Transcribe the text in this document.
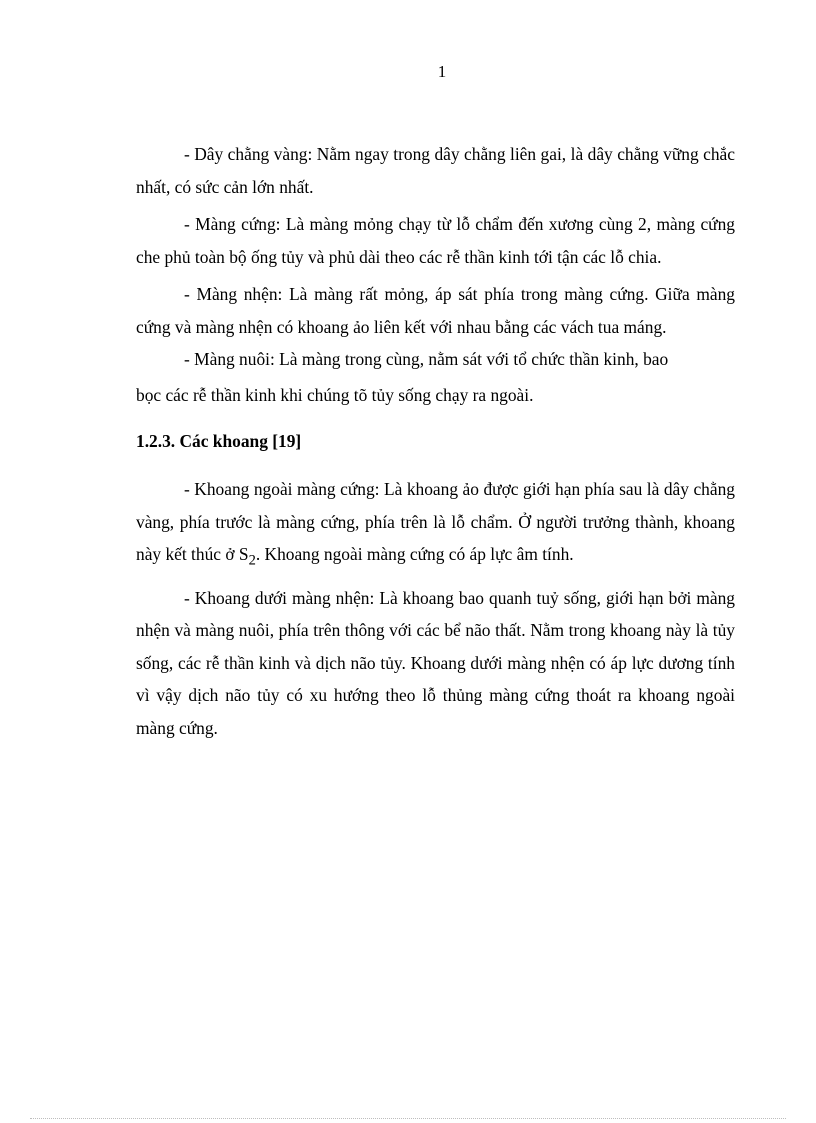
1

- Dây chằng vàng: Nằm ngay trong dây chằng liên gai, là dây chằng vững chắc nhất, có sức cản lớn nhất.

- Màng cứng: Là màng mỏng chạy từ lỗ chẩm đến xương cùng 2, màng cứng che phủ toàn bộ ống tủy và phủ dài theo các rễ thần kinh tới tận các lỗ chia.

- Màng nhện: Là màng rất mỏng, áp sát phía trong màng cứng. Giữa màng cứng và màng nhện có khoang ảo liên kết với nhau bằng các vách tua máng.

- Màng nuôi: Là màng trong cùng, nằm sát với tổ chức thần kinh, bao

bọc các rễ thần kinh khi chúng tõ tủy sống chạy ra ngoài.

1.2.3. Các khoang [19]

- Khoang ngoài màng cứng: Là khoang ảo được giới hạn phía sau là dây chằng vàng, phía trước là màng cứng, phía trên là lỗ chẩm. Ở người trưởng thành, khoang này kết thúc ở $S_2$. Khoang ngoài màng cứng có áp lực âm tính.

- Khoang dưới màng nhện: Là khoang bao quanh tuỷ sống, giới hạn bởi màng nhện và màng nuôi, phía trên thông với các bể não thất. Nằm trong khoang này là tủy sống, các rễ thần kinh và dịch não tủy. Khoang dưới màng nhện có áp lực dương tính vì vậy dịch não tủy có xu hướng theo lỗ thủng màng cứng thoát ra khoang ngoài màng cứng.
